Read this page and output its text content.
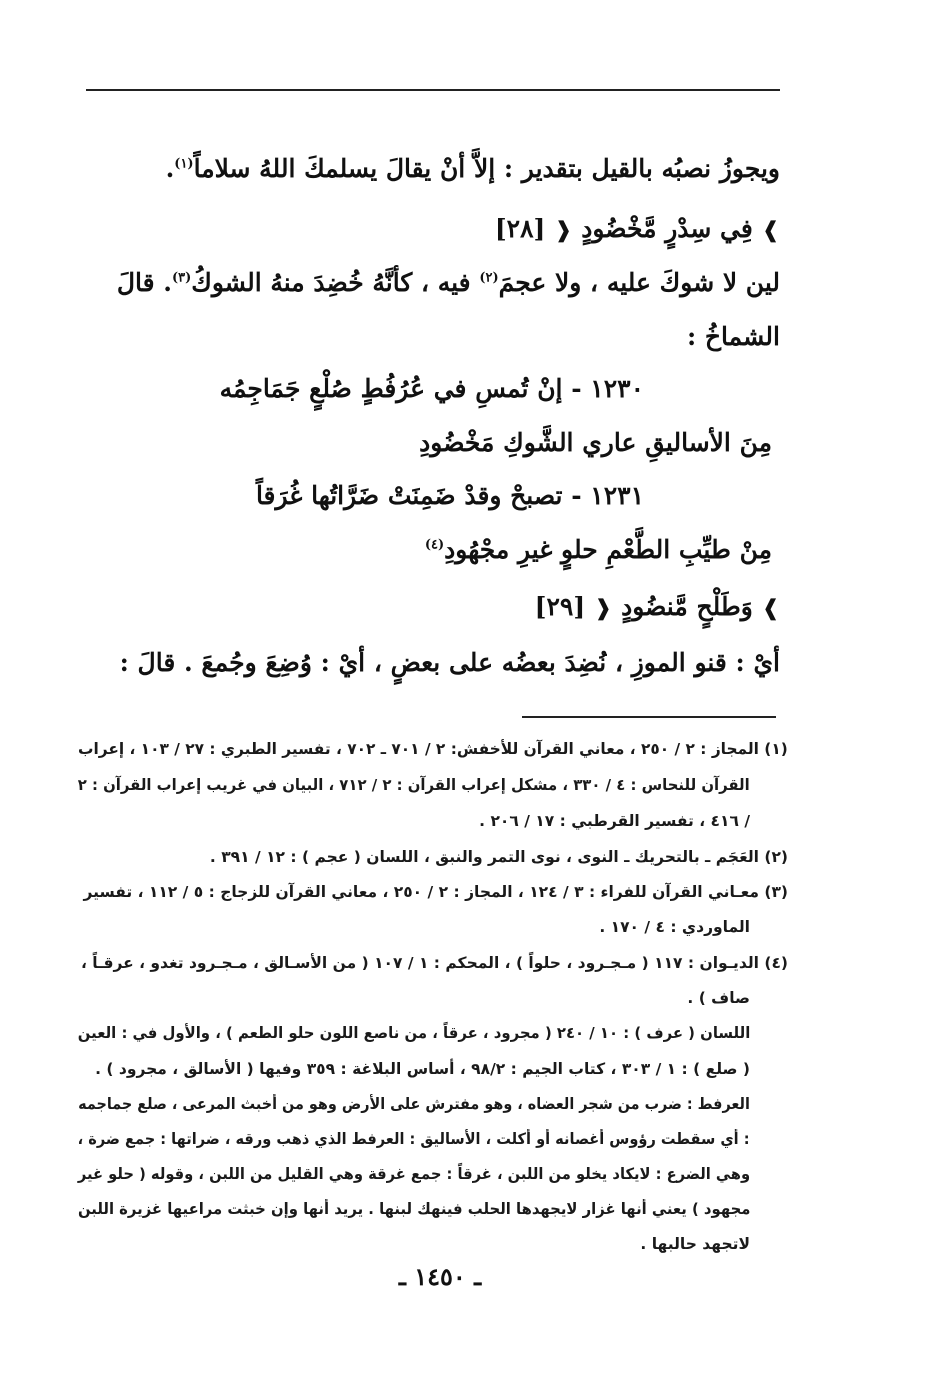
ويجوزُ نصبُه بالقيل بتقدير : إلاَّ أنْ يقالَ يسلمكَ اللهُ سلاماً$^{(١)}$.
❱ فِي سِدْرٍ مَّخْضُودٍ ❰ [٢٨]
لين لا شوكَ عليه ، ولا عجمَ$^{(٢)}$ فيه ، كأنَّهُ خُضِدَ منهُ الشوكُ$^{(٣)}$. قالَ
الشماخُ :
١٢٣٠ - إنْ تُمسِ في عُرُفُطٍ صُلْعٍ جَمَاجِمُه
مِنَ الأساليقِ عاري الشَّوكِ مَخْضُودِ
١٢٣١ - تصبحْ وقدْ ضَمِنَتْ ضَرَّاتُها غُرَقاً
مِنْ طيِّبِ الطَّعْمِ حلوٍ غيرِ مجْهُودِ$^{(٤)}$
❱ وَطَلْحٍ مَّنضُودٍ ❰ [٢٩]
أيْ : قنو الموزِ ، نُضِدَ بعضُه على بعضٍ ، أيْ : وُضِعَ وجُمعَ . قالَ :
(١) المجاز : ٢ / ٢٥٠ ، معاني القرآن للأخفش: ٢ / ٧٠١ ـ ٧٠٢ ، تفسير الطبري : ٢٧ / ١٠٣ ، إعراب
القرآن للنحاس : ٤ / ٣٣٠ ، مشكل إعراب القرآن : ٢ / ٧١٢ ، البيان في غريب إعراب القرآن : ٢
/ ٤١٦ ، تفسير القرطبي : ١٧ / ٢٠٦ .
(٢) العَجَم ـ بالتحريك ـ النوى ، نوى التمر والنبق ، اللسان ( عجم ) : ١٢ / ٣٩١ .
(٣) معـاني القرآن للفراء : ٣ / ١٢٤ ، المجاز : ٢ / ٢٥٠ ، معاني القرآن للزجاج : ٥ / ١١٢ ، تفسير
الماوردي : ٤ / ١٧٠ .
(٤) الديـوان : ١١٧ ( مـجـرود ، حلواً ) ، المحكم : ١ / ١٠٧ ( من الأسـالق ، مـجـرود تغدو ، عرقـاً ،
صاف ) .
اللسان ( عرف ) : ١٠ / ٢٤٠ ( مجرود ، عرقاً ، من ناصع اللون حلو الطعم ) ، والأول في : العين
( صلع ) : ١ / ٣٠٣ ، كتاب الجيم : ٩٨/٢ ، أساس البلاغة : ٣٥٩ وفيها ( الأسالق ، مجرود ) .
العرفط : ضرب من شجر العضاه ، وهو مفترش على الأرض وهو من أخبث المرعى ، صلع جماجمه
: أي سقطت رؤوس أغصانه أو أكلت ، الأساليق : العرفط الذي ذهب ورقه ، ضراتها : جمع ضرة ،
وهي الضرع : لايكاد يخلو من اللبن ، غرقاً : جمع غرقة وهي القليل من اللبن ، وقوله ( حلو غير
مجهود ) يعني أنها غزار لايجهدها الحلب فينهك لبنها . يريد أنها وإن خبثت مراعيها غزيرة اللبن
لاتجهد حالبها .
ـ ١٤٥٠ ـ
